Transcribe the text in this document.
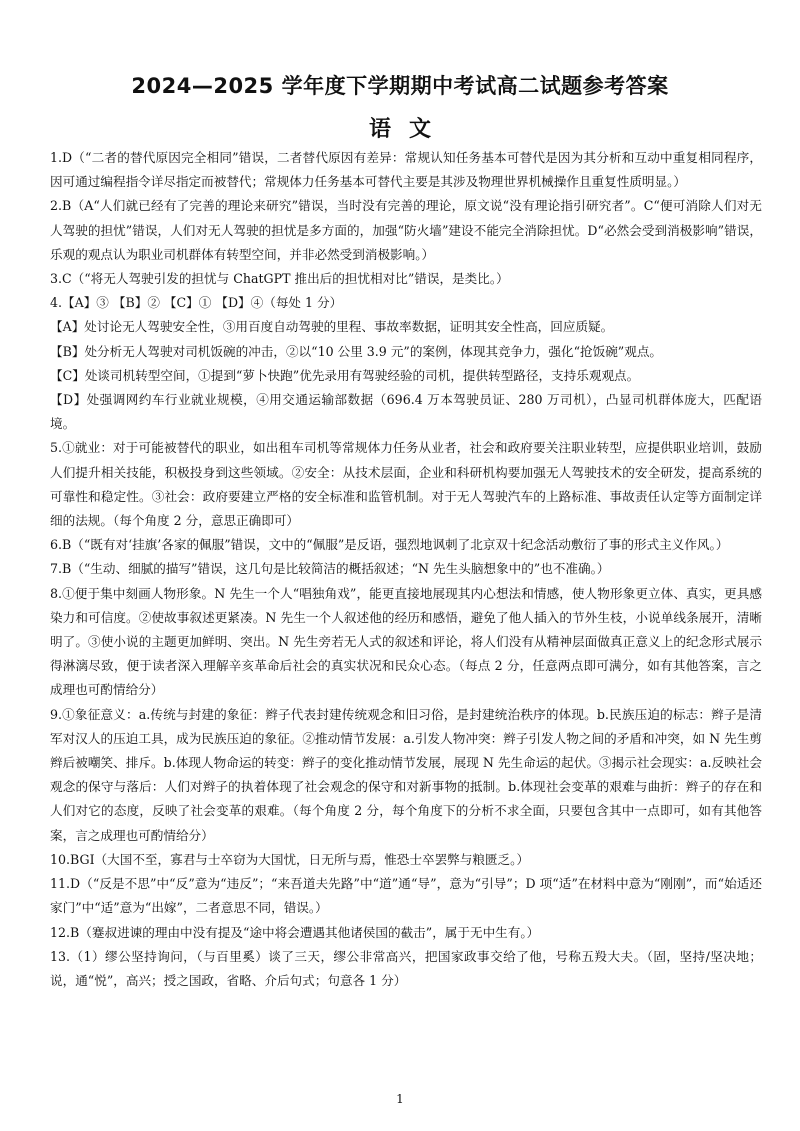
2024—2025 学年度下学期期中考试高二试题参考答案
语文

1.D（“二者的替代原因完全相同”错误，二者替代原因有差异：常规认知任务基本可替代是因为其分析和互动中重复相同程序，因可通过编程指令详尽指定而被替代；常规体力任务基本可替代主要是其涉及物理世界机械操作且重复性质明显。）

2.B（A“人们就已经有了完善的理论来研究”错误，当时没有完善的理论，原文说“没有理论指引研究者”。C“便可消除人们对无人驾驶的担忧”错误，人们对无人驾驶的担忧是多方面的，加强“防火墙”建设不能完全消除担忧。D“必然会受到消极影响”错误，乐观的观点认为职业司机群体有转型空间，并非必然受到消极影响。）

3.C（“将无人驾驶引发的担忧与 ChatGPT 推出后的担忧相对比”错误，是类比。）

4.【A】③ 【B】② 【C】① 【D】④（每处 1 分）

【A】处讨论无人驾驶安全性，③用百度自动驾驶的里程、事故率数据，证明其安全性高，回应质疑。

【B】处分析无人驾驶对司机饭碗的冲击，②以“10 公里 3.9 元”的案例，体现其竞争力，强化“抢饭碗”观点。

【C】处谈司机转型空间，①提到“萝卜快跑”优先录用有驾驶经验的司机，提供转型路径，支持乐观观点。

【D】处强调网约车行业就业规模，④用交通运输部数据（696.4 万本驾驶员证、280 万司机），凸显司机群体庞大，匹配语境。

5.①就业：对于可能被替代的职业，如出租车司机等常规体力任务从业者，社会和政府要关注职业转型，应提供职业培训，鼓励人们提升相关技能，积极投身到这些领域。②安全：从技术层面，企业和科研机构要加强无人驾驶技术的安全研发，提高系统的可靠性和稳定性。③社会：政府要建立严格的安全标准和监管机制。对于无人驾驶汽车的上路标准、事故责任认定等方面制定详细的法规。（每个角度 2 分，意思正确即可）

6.B（“既有对‘挂旗’各家的佩服”错误，文中的“佩服”是反语，强烈地讽刺了北京双十纪念活动敷衍了事的形式主义作风。）

7.B（“生动、细腻的描写”错误，这几句是比较简洁的概括叙述；“N 先生头脑想象中的”也不准确。）

8.①便于集中刻画人物形象。N 先生一个人“唱独角戏”，能更直接地展现其内心想法和情感，使人物形象更立体、真实，更具感染力和可信度。②使故事叙述更紧凑。N 先生一个人叙述他的经历和感悟，避免了他人插入的节外生枝，小说单线条展开，清晰明了。③使小说的主题更加鲜明、突出。N 先生旁若无人式的叙述和评论，将人们没有从精神层面做真正意义上的纪念形式展示得淋漓尽致，便于读者深入理解辛亥革命后社会的真实状况和民众心态。（每点 2 分，任意两点即可满分，如有其他答案，言之成理也可酌情给分）

9.①象征意义：a.传统与封建的象征：辫子代表封建传统观念和旧习俗，是封建统治秩序的体现。b.民族压迫的标志：辫子是清军对汉人的压迫工具，成为民族压迫的象征。②推动情节发展：a.引发人物冲突：辫子引发人物之间的矛盾和冲突，如 N 先生剪辫后被嘲笑、排斥。b.体现人物命运的转变：辫子的变化推动情节发展，展现 N 先生命运的起伏。③揭示社会现实：a.反映社会观念的保守与落后：人们对辫子的执着体现了社会观念的保守和对新事物的抵制。b.体现社会变革的艰难与曲折：辫子的存在和人们对它的态度，反映了社会变革的艰难。（每个角度 2 分，每个角度下的分析不求全面，只要包含其中一点即可，如有其他答案，言之成理也可酌情给分）

10.BGI（大国不至，寡君与士卒窃为大国忧，日无所与焉，惟恐士卒罢弊与粮匮乏。）

11.D（“反是不思”中“反”意为“违反”；“来吾道夫先路”中“道”通“导”，意为“引导”；D 项“适”在材料中意为“刚刚”，而“始适还家门”中“适”意为“出嫁”，二者意思不同，错误。）

12.B（蹇叔进谏的理由中没有提及“途中将会遭遇其他诸侯国的截击”，属于无中生有。）

13.（1）缪公坚持询问，（与百里奚）谈了三天，缪公非常高兴，把国家政事交给了他，号称五羖大夫。（固，坚持/坚决地；说，通“悦”，高兴；授之国政，省略、介后句式；句意各 1 分）

1
